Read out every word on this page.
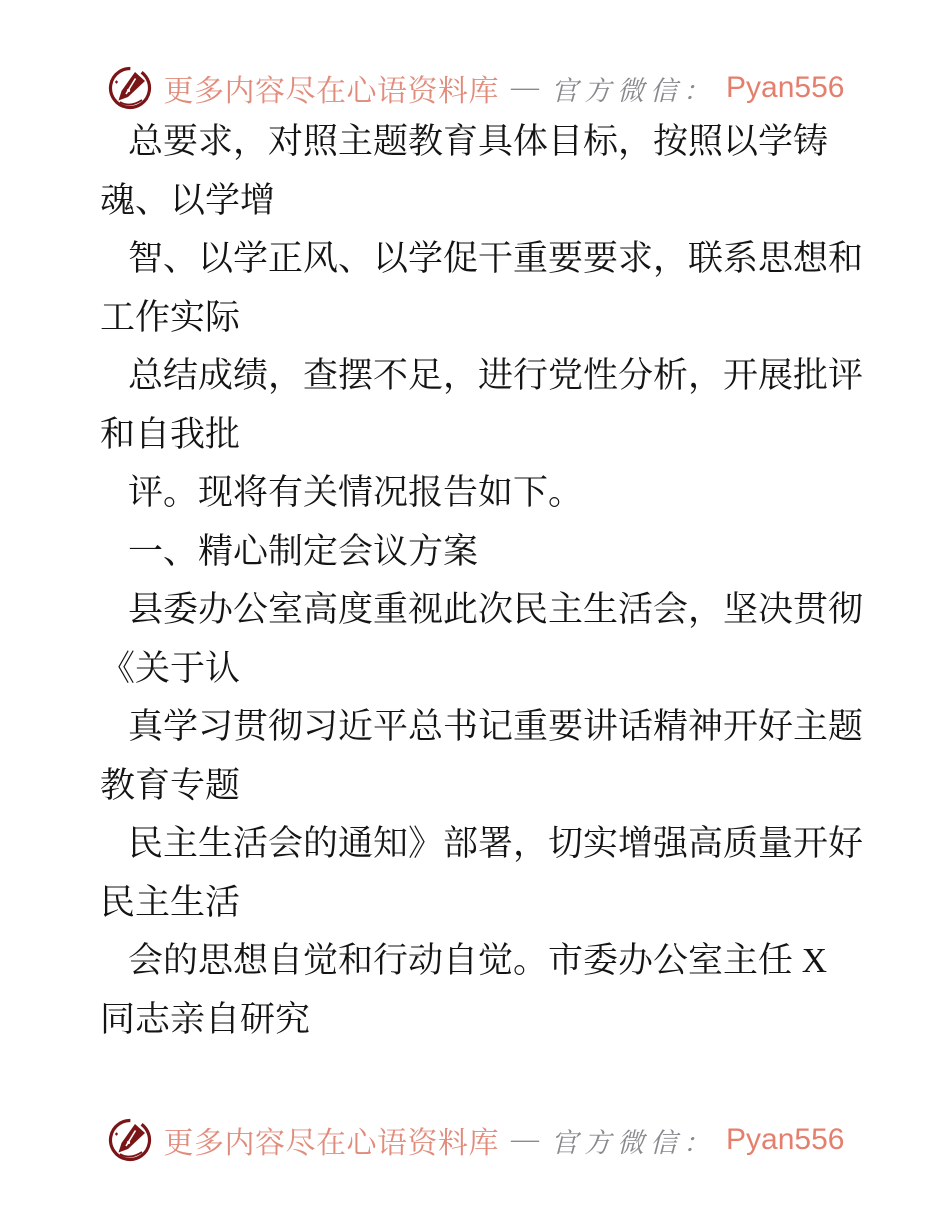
更多内容尽在心语资料库 — 官方微信： Pyan556
总要求，对照主题教育具体目标，按照以学铸
魂、以学增
智、以学正风、以学促干重要要求，联系思想和
工作实际
总结成绩，查摆不足，进行党性分析，开展批评
和自我批
评。现将有关情况报告如下。
一、精心制定会议方案
县委办公室高度重视此次民主生活会，坚决贯彻
《关于认
真学习贯彻习近平总书记重要讲话精神开好主题
教育专题
民主生活会的通知》部署，切实增强高质量开好
民主生活
会的思想自觉和行动自觉。市委办公室主任 X
同志亲自研究
更多内容尽在心语资料库 — 官方微信： Pyan556
